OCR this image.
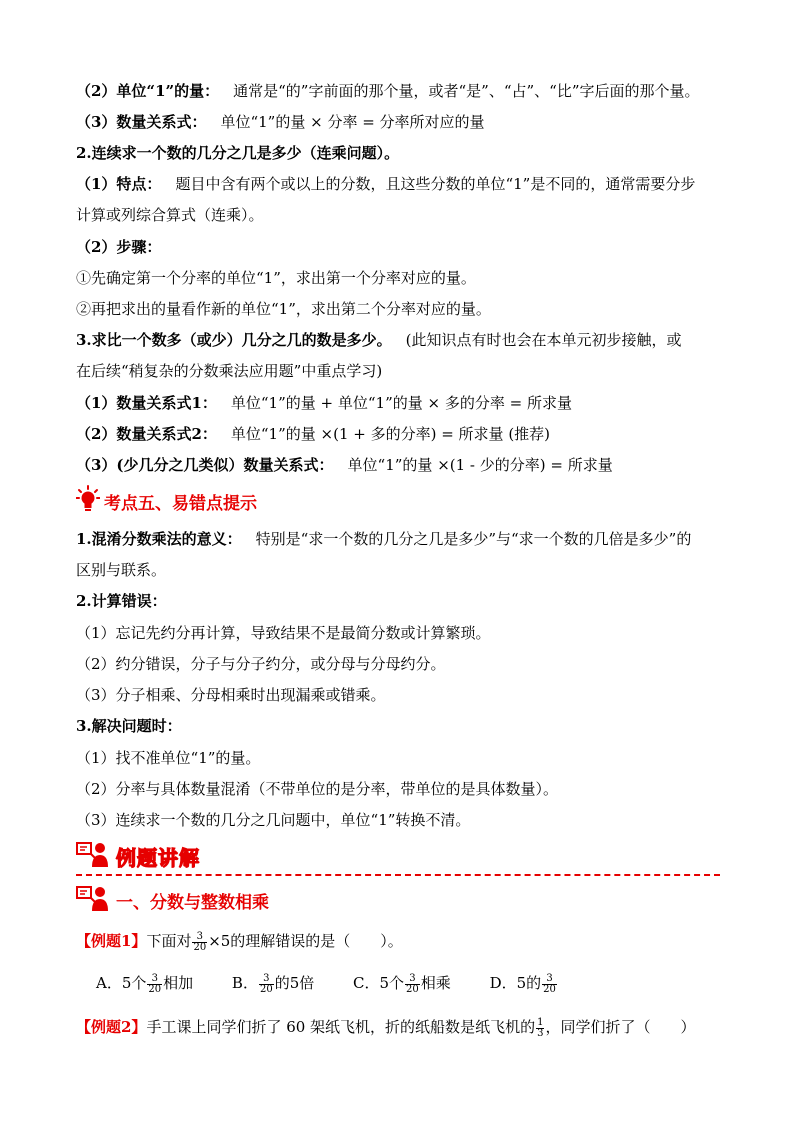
（2）单位“1”的量： 通常是“的”字前面的那个量，或者“是”、“占”、“比”字后面的那个量。
（3）数量关系式： 单位“1”的量 × 分率 = 分率所对应的量
2.连续求一个数的几分之几是多少（连乘问题）。
（1）特点： 题目中含有两个或以上的分数，且这些分数的单位“1”是不同的，通常需要分步
计算或列综合算式（连乘）。
（2）步骤：
①先确定第一个分率的单位“1”，求出第一个分率对应的量。
②再把求出的量看作新的单位“1”，求出第二个分率对应的量。
3.求比一个数多（或少）几分之几的数是多少。 (此知识点有时也会在本单元初步接触，或
在后续“稍复杂的分数乘法应用题”中重点学习)
（1）数量关系式1： 单位“1”的量 + 单位“1”的量 × 多的分率 = 所求量
（2）数量关系式2： 单位“1”的量 ×(1 + 多的分率) = 所求量 (推荐)
（3）(少几分之几类似）数量关系式： 单位“1”的量 ×(1 - 少的分率) = 所求量
考点五、易错点提示
1.混淆分数乘法的意义： 特别是“求一个数的几分之几是多少”与“求一个数的几倍是多少”的
区别与联系。
2.计算错误：
（1）忘记先约分再计算，导致结果不是最简分数或计算繁琐。
（2）约分错误，分子与分子约分，或分母与分母约分。
（3）分子相乘、分母相乘时出现漏乘或错乘。
3.解决问题时：
（1）找不准单位“1”的量。
（2）分率与具体数量混淆（不带单位的是分率，带单位的是具体数量）。
（3）连续求一个数的几分之几问题中，单位“1”转换不清。
例题讲解
一、分数与整数相乘
【例题1】下面对 $\frac{3}{20} \times 5$的理解错误的是（　　）。
A．5个 $\frac{3}{20}$ 相加	B． $\frac{3}{20}$ 的5倍	C．5个 $\frac{3}{20}$ 相乘	D．5的 $\frac{3}{20}$
【例题2】手工课上同学们折了 60 架纸飞机，折的纸船数是纸飞机的 $\frac{1}{3}$ ，同学们折了（　　）
